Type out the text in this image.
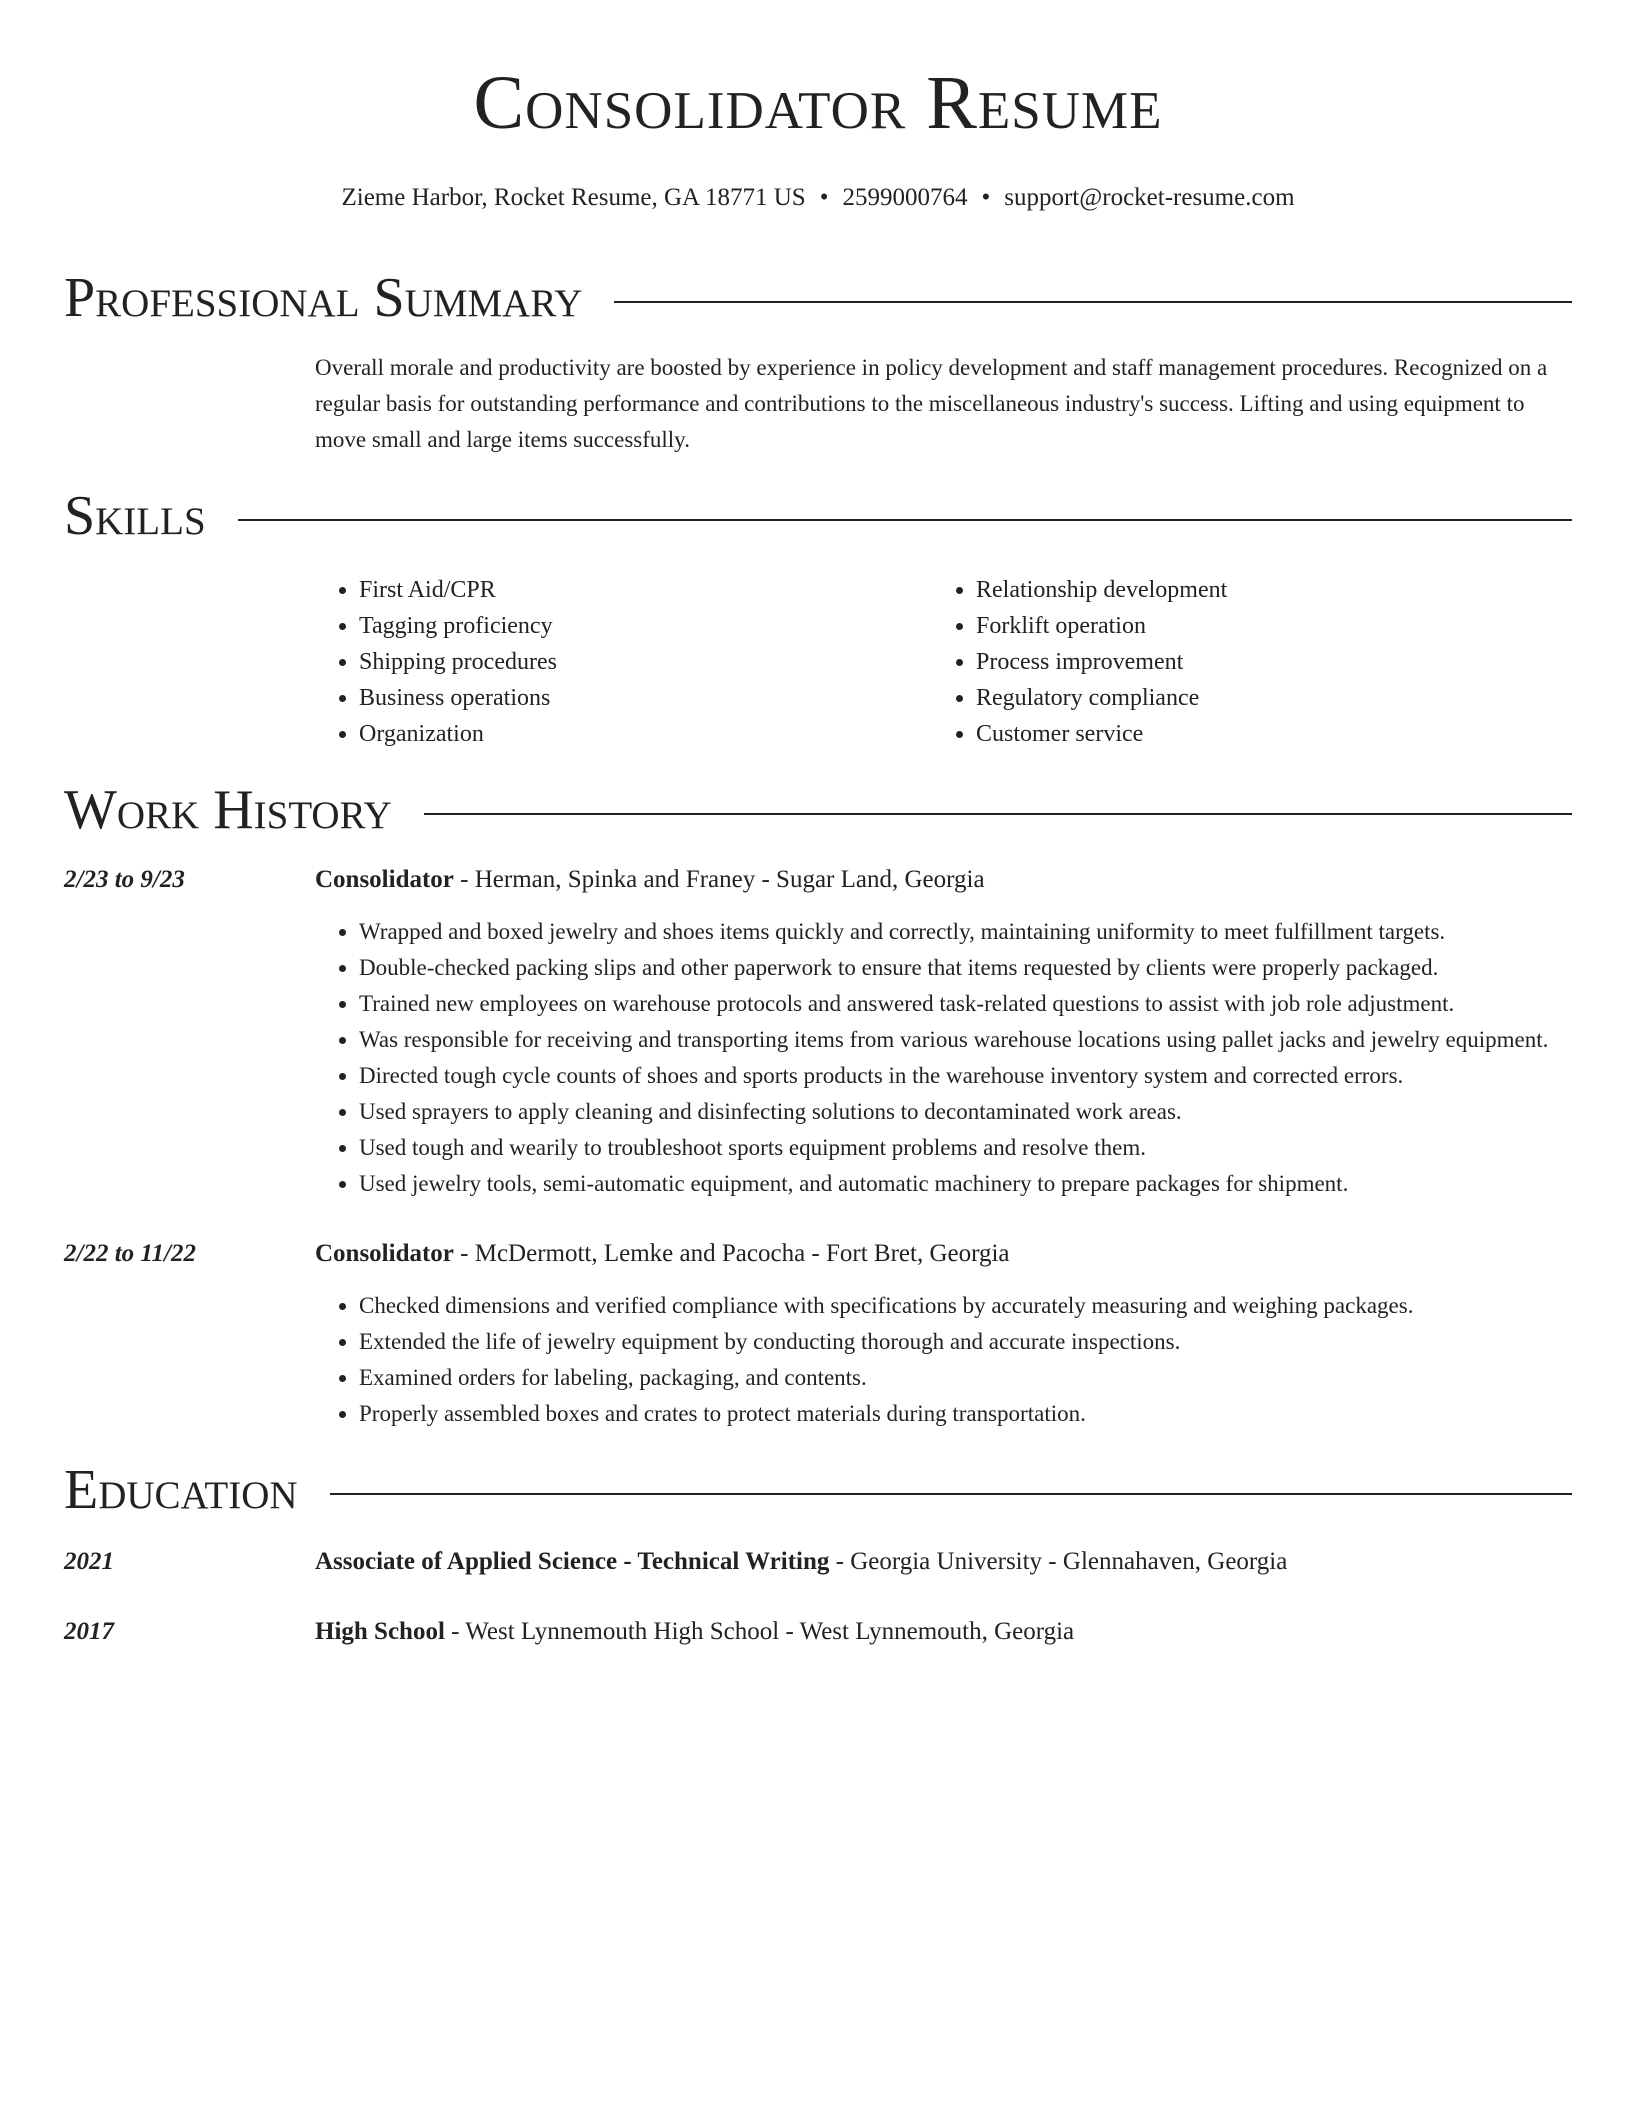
Consolidator Resume
Zieme Harbor, Rocket Resume, GA 18771 US • 2599000764 • support@rocket-resume.com
Professional Summary
Overall morale and productivity are boosted by experience in policy development and staff management procedures. Recognized on a regular basis for outstanding performance and contributions to the miscellaneous industry's success. Lifting and using equipment to move small and large items successfully.
Skills
• First Aid/CPR
• Tagging proficiency
• Shipping procedures
• Business operations
• Organization
• Relationship development
• Forklift operation
• Process improvement
• Regulatory compliance
• Customer service
Work History
2/23 to 9/23	Consolidator - Herman, Spinka and Franey - Sugar Land, Georgia
• Wrapped and boxed jewelry and shoes items quickly and correctly, maintaining uniformity to meet fulfillment targets.
• Double-checked packing slips and other paperwork to ensure that items requested by clients were properly packaged.
• Trained new employees on warehouse protocols and answered task-related questions to assist with job role adjustment.
• Was responsible for receiving and transporting items from various warehouse locations using pallet jacks and jewelry equipment.
• Directed tough cycle counts of shoes and sports products in the warehouse inventory system and corrected errors.
• Used sprayers to apply cleaning and disinfecting solutions to decontaminated work areas.
• Used tough and wearily to troubleshoot sports equipment problems and resolve them.
• Used jewelry tools, semi-automatic equipment, and automatic machinery to prepare packages for shipment.
2/22 to 11/22	Consolidator - McDermott, Lemke and Pacocha - Fort Bret, Georgia
• Checked dimensions and verified compliance with specifications by accurately measuring and weighing packages.
• Extended the life of jewelry equipment by conducting thorough and accurate inspections.
• Examined orders for labeling, packaging, and contents.
• Properly assembled boxes and crates to protect materials during transportation.
Education
2021	Associate of Applied Science - Technical Writing - Georgia University - Glennahaven, Georgia
2017	High School - West Lynnemouth High School - West Lynnemouth, Georgia
